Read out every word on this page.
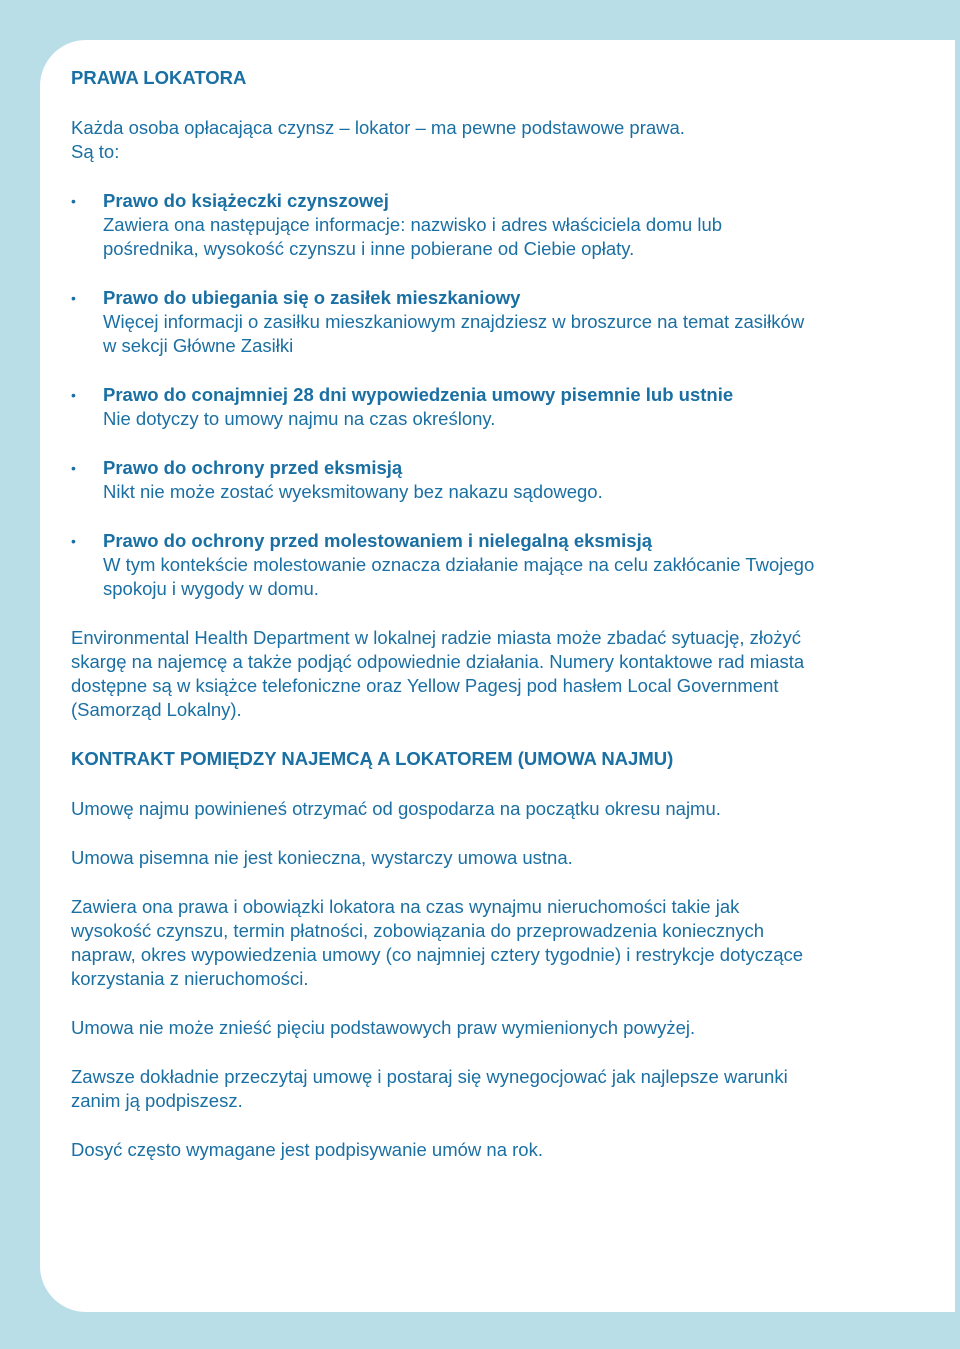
PRAWA LOKATORA

Każda osoba opłacająca czynsz – lokator – ma pewne podstawowe prawa.
Są to:

• Prawo do książeczki czynszowej
Zawiera ona następujące informacje: nazwisko i adres właściciela domu lub
pośrednika, wysokość czynszu i inne pobierane od Ciebie opłaty.
• Prawo do ubiegania się o zasiłek mieszkaniowy
Więcej informacji o zasiłku mieszkaniowym znajdziesz w broszurce na temat zasiłków
w sekcji Główne Zasiłki
• Prawo do conajmniej 28 dni wypowiedzenia umowy pisemnie lub ustnie
Nie dotyczy to umowy najmu na czas określony.
• Prawo do ochrony przed eksmisją
Nikt nie może zostać wyeksmitowany bez nakazu sądowego.
• Prawo do ochrony przed molestowaniem i nielegalną eksmisją
W tym kontekście molestowanie oznacza działanie mające na celu zakłócanie Twojego
spokoju i wygody w domu.

Environmental Health Department w lokalnej radzie miasta może zbadać sytuację, złożyć
skargę na najemcę a także podjąć odpowiednie działania. Numery kontaktowe rad miasta
dostępne są w książce telefoniczne oraz Yellow Pagesj pod hasłem Local Government
(Samorząd Lokalny).

KONTRAKT POMIĘDZY NAJEMCĄ A LOKATOREM (UMOWA NAJMU)

Umowę najmu powinieneś otrzymać od gospodarza na początku okresu najmu.

Umowa pisemna nie jest konieczna, wystarczy umowa ustna.

Zawiera ona prawa i obowiązki lokatora na czas wynajmu nieruchomości takie jak
wysokość czynszu, termin płatności, zobowiązania do przeprowadzenia koniecznych
napraw, okres wypowiedzenia umowy (co najmniej cztery tygodnie) i restrykcje dotyczące
korzystania z nieruchomości.

Umowa nie może znieść pięciu podstawowych praw wymienionych powyżej.

Zawsze dokładnie przeczytaj umowę i postaraj się wynegocjować jak najlepsze warunki
zanim ją podpiszesz.

Dosyć często wymagane jest podpisywanie umów na rok.
